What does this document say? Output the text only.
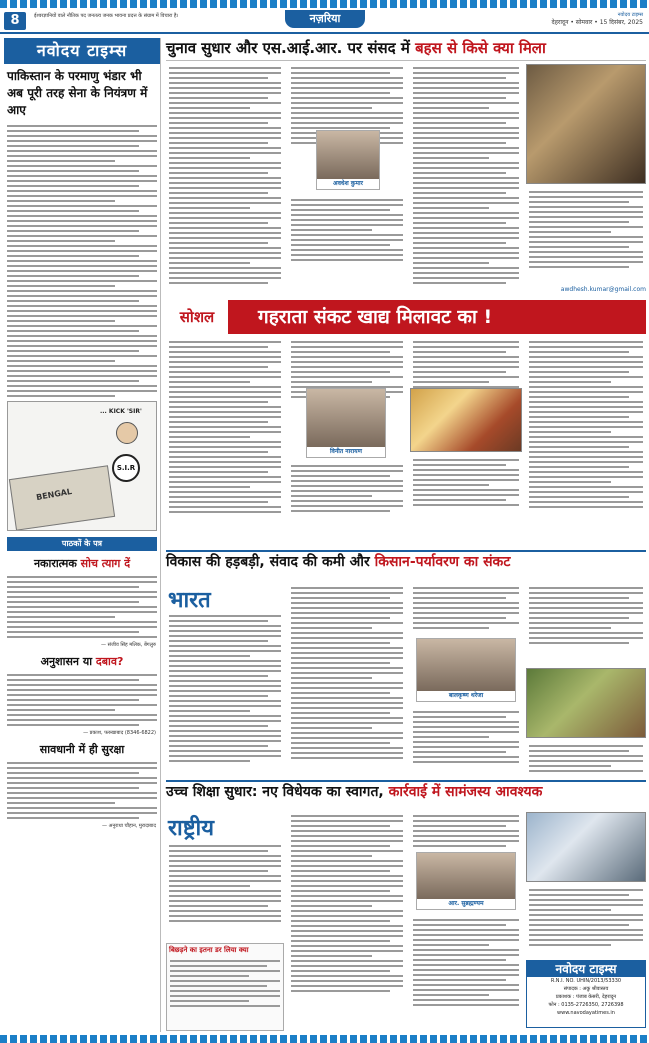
8	ईश्वरज्ञानियों वाले नौतिक पद जनतत्व जनक भावना प्रदत्त के संग्राम में विचारा है।	नज़रिया	नवोदय टाइम्स
देहरादून • सोमवार • 15 दिसंबर, 2025
नवोदय टाइम्स
पाकिस्तान के परमाणु भंडार भी अब पूरी तरह सेना के नियंत्रण में आए
... KICK 'SIR'
S.I.R
BENGAL
पाठकों के पत्र
नकारात्मक सोच त्याग दें
— संजीव सिंह मलिक, बेंगलुरु
अनुशासन या दबाव?
— प्रकाश, फरुखाबाद (8346-6822)
सावधानी में ही सुरक्षा
— अनुराधा चौहान, मुरादाबाद
चुनाव सुधार और एस.आई.आर. पर संसद में बहस से किसे क्या मिला
अवधेश कुमार
awdhesh.kumar@gmail.com
सोशल	गहराता संकट खाद्य मिलावट का !
विनीत नारायण
विकास की हड़बड़ी, संवाद की कमी और किसान-पर्यावरण का संकट
भारत
बालकृष्ण थरेजा
उच्च शिक्षा सुधार: नए विधेयक का स्वागत, कार्रवाई में सामंजस्य आवश्यक
राष्ट्रीय
बिछड़ने का इतना डर लिया क्या
आर. सुब्रह्मण्यम
नवोदय टाइम्स
R.N.I. NO. UHIN/2013/53330
संपादक : अकु श्रीवास्तव
प्रकाशक : पंजाब केसरी, देहरादून
फोन : 0135-2726350, 2726398
www.navodayatimes.in
